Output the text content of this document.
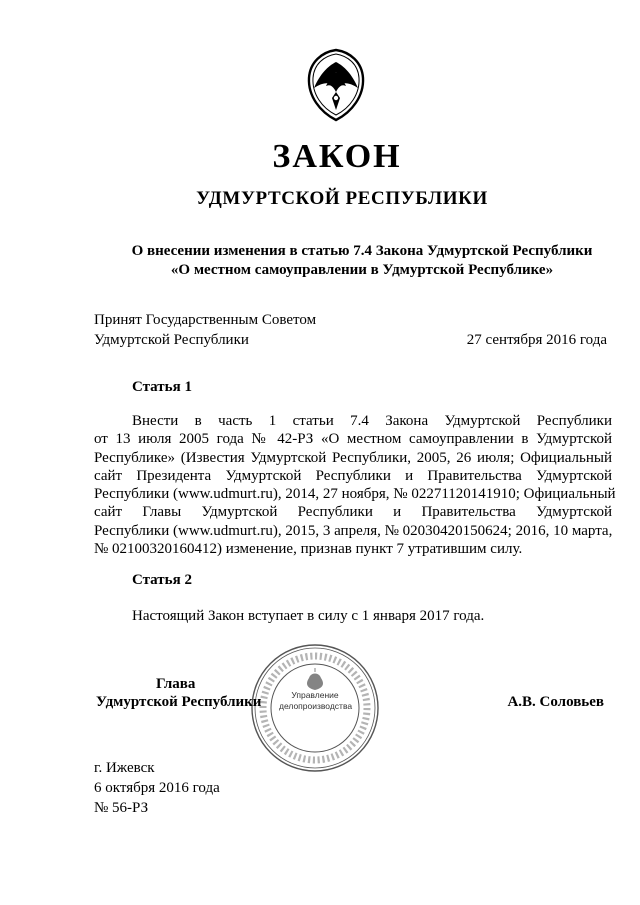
ЗАКОН
УДМУРТСКОЙ РЕСПУБЛИКИ
О внесении изменения в статью 7.4 Закона Удмуртской Республики
«О местном самоуправлении в Удмуртской Республике»
Принят Государственным Советом
Удмуртской Республики	27 сентября 2016 года
Статья 1
Внести в часть 1 статьи 7.4 Закона Удмуртской Республики
от 13 июля 2005 года № 42-РЗ «О местном самоуправлении в Удмуртской
Республике» (Известия Удмуртской Республики, 2005, 26 июля; Официальный
сайт Президента Удмуртской Республики и Правительства Удмуртской
Республики (www.udmurt.ru), 2014, 27 ноября, № 02271120141910; Официальный
сайт Главы Удмуртской Республики и Правительства Удмуртской
Республики (www.udmurt.ru), 2015, 3 апреля, № 02030420150624; 2016, 10 марта,
№ 02100320160412) изменение, признав пункт 7 утратившим силу.
Статья 2
Настоящий Закон вступает в силу с 1 января 2017 года.
Управление
делопроизводства
Глава
Удмуртской Республики	А.В. Соловьев
г. Ижевск
6 октября 2016 года
№ 56-РЗ
